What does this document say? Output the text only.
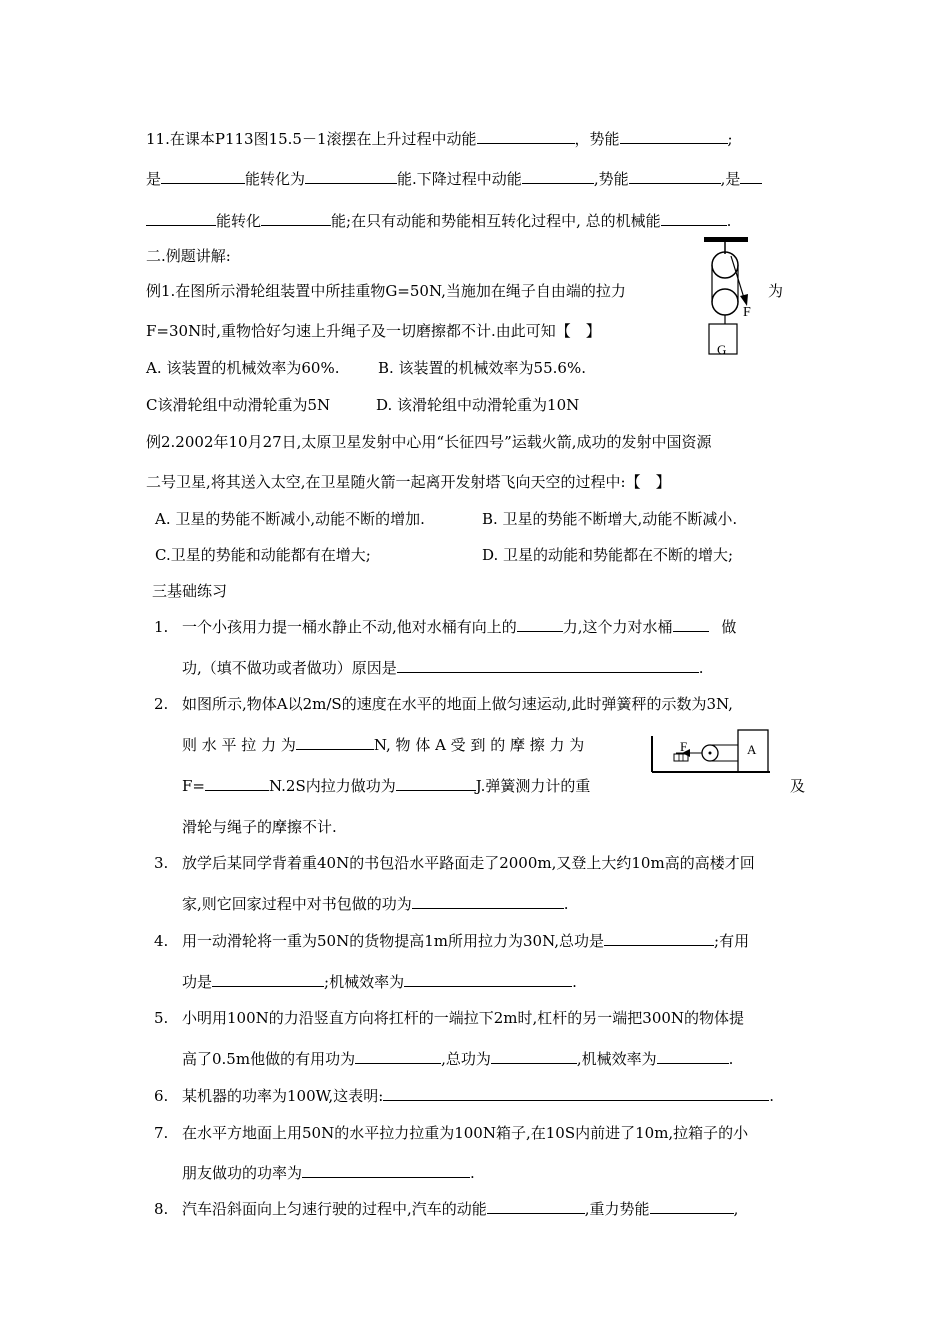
11.在课本P113图15.5－1滚摆在上升过程中动能	，势能	;
是	能转化为	能.下降过程中动能	,势能	,是
能转化	能;在只有动能和势能相互转化过程中, 总的机械能	.
二.例题讲解:
例1.在图所示滑轮组装置中所挂重物G=50N,当施加在绳子自由端的拉力	为
F=30N时,重物恰好匀速上升绳子及一切磨擦都不计.由此可知【　】
A. 该装置的机械效率为60%.	B. 该装置的机械效率为55.6%.
C该滑轮组中动滑轮重为5N	D. 该滑轮组中动滑轮重为10N
F
G
例2.2002年10月27日,太原卫星发射中心用“长征四号”运载火箭,成功的发射中国资源
二号卫星,将其送入太空,在卫星随火箭一起离开发射塔飞向天空的过程中:【　】
A. 卫星的势能不断减小,动能不断的增加.	B. 卫星的势能不断增大,动能不断减小.
C.卫星的势能和动能都有在增大;	D. 卫星的动能和势能都在不断的增大;
三基础练习
1. 一个小孩用力提一桶水静止不动,他对水桶有向上的	力,这个力对水桶	做
功,（填不做功或者做功）原因是	.
2. 如图所示,物体A以2m/S的速度在水平的地面上做匀速运动,此时弹簧秤的示数为3N,
则 水 平 拉 力 为	N, 物 体 A 受 到 的 摩 擦 力 为
F=	N.2S内拉力做功为	J.弹簧测力计的重	及
滑轮与绳子的摩擦不计.
A
F
3. 放学后某同学背着重40N的书包沿水平路面走了2000m,又登上大约10m高的高楼才回
家,则它回家过程中对书包做的功为	.
4. 用一动滑轮将一重为50N的货物提高1m所用拉力为30N,总功是	;有用
功是	;机械效率为	.
5. 小明用100N的力沿竖直方向将扛杆的一端拉下2m时,杠杆的另一端把300N的物体提
高了0.5m他做的有用功为	,总功为	,机械效率为	.
6. 某机器的功率为100W,这表明:	.
7. 在水平方地面上用50N的水平拉力拉重为100N箱子,在10S内前进了10m,拉箱子的小
朋友做功的功率为	.
8. 汽车沿斜面向上匀速行驶的过程中,汽车的动能	,重力势能	,
